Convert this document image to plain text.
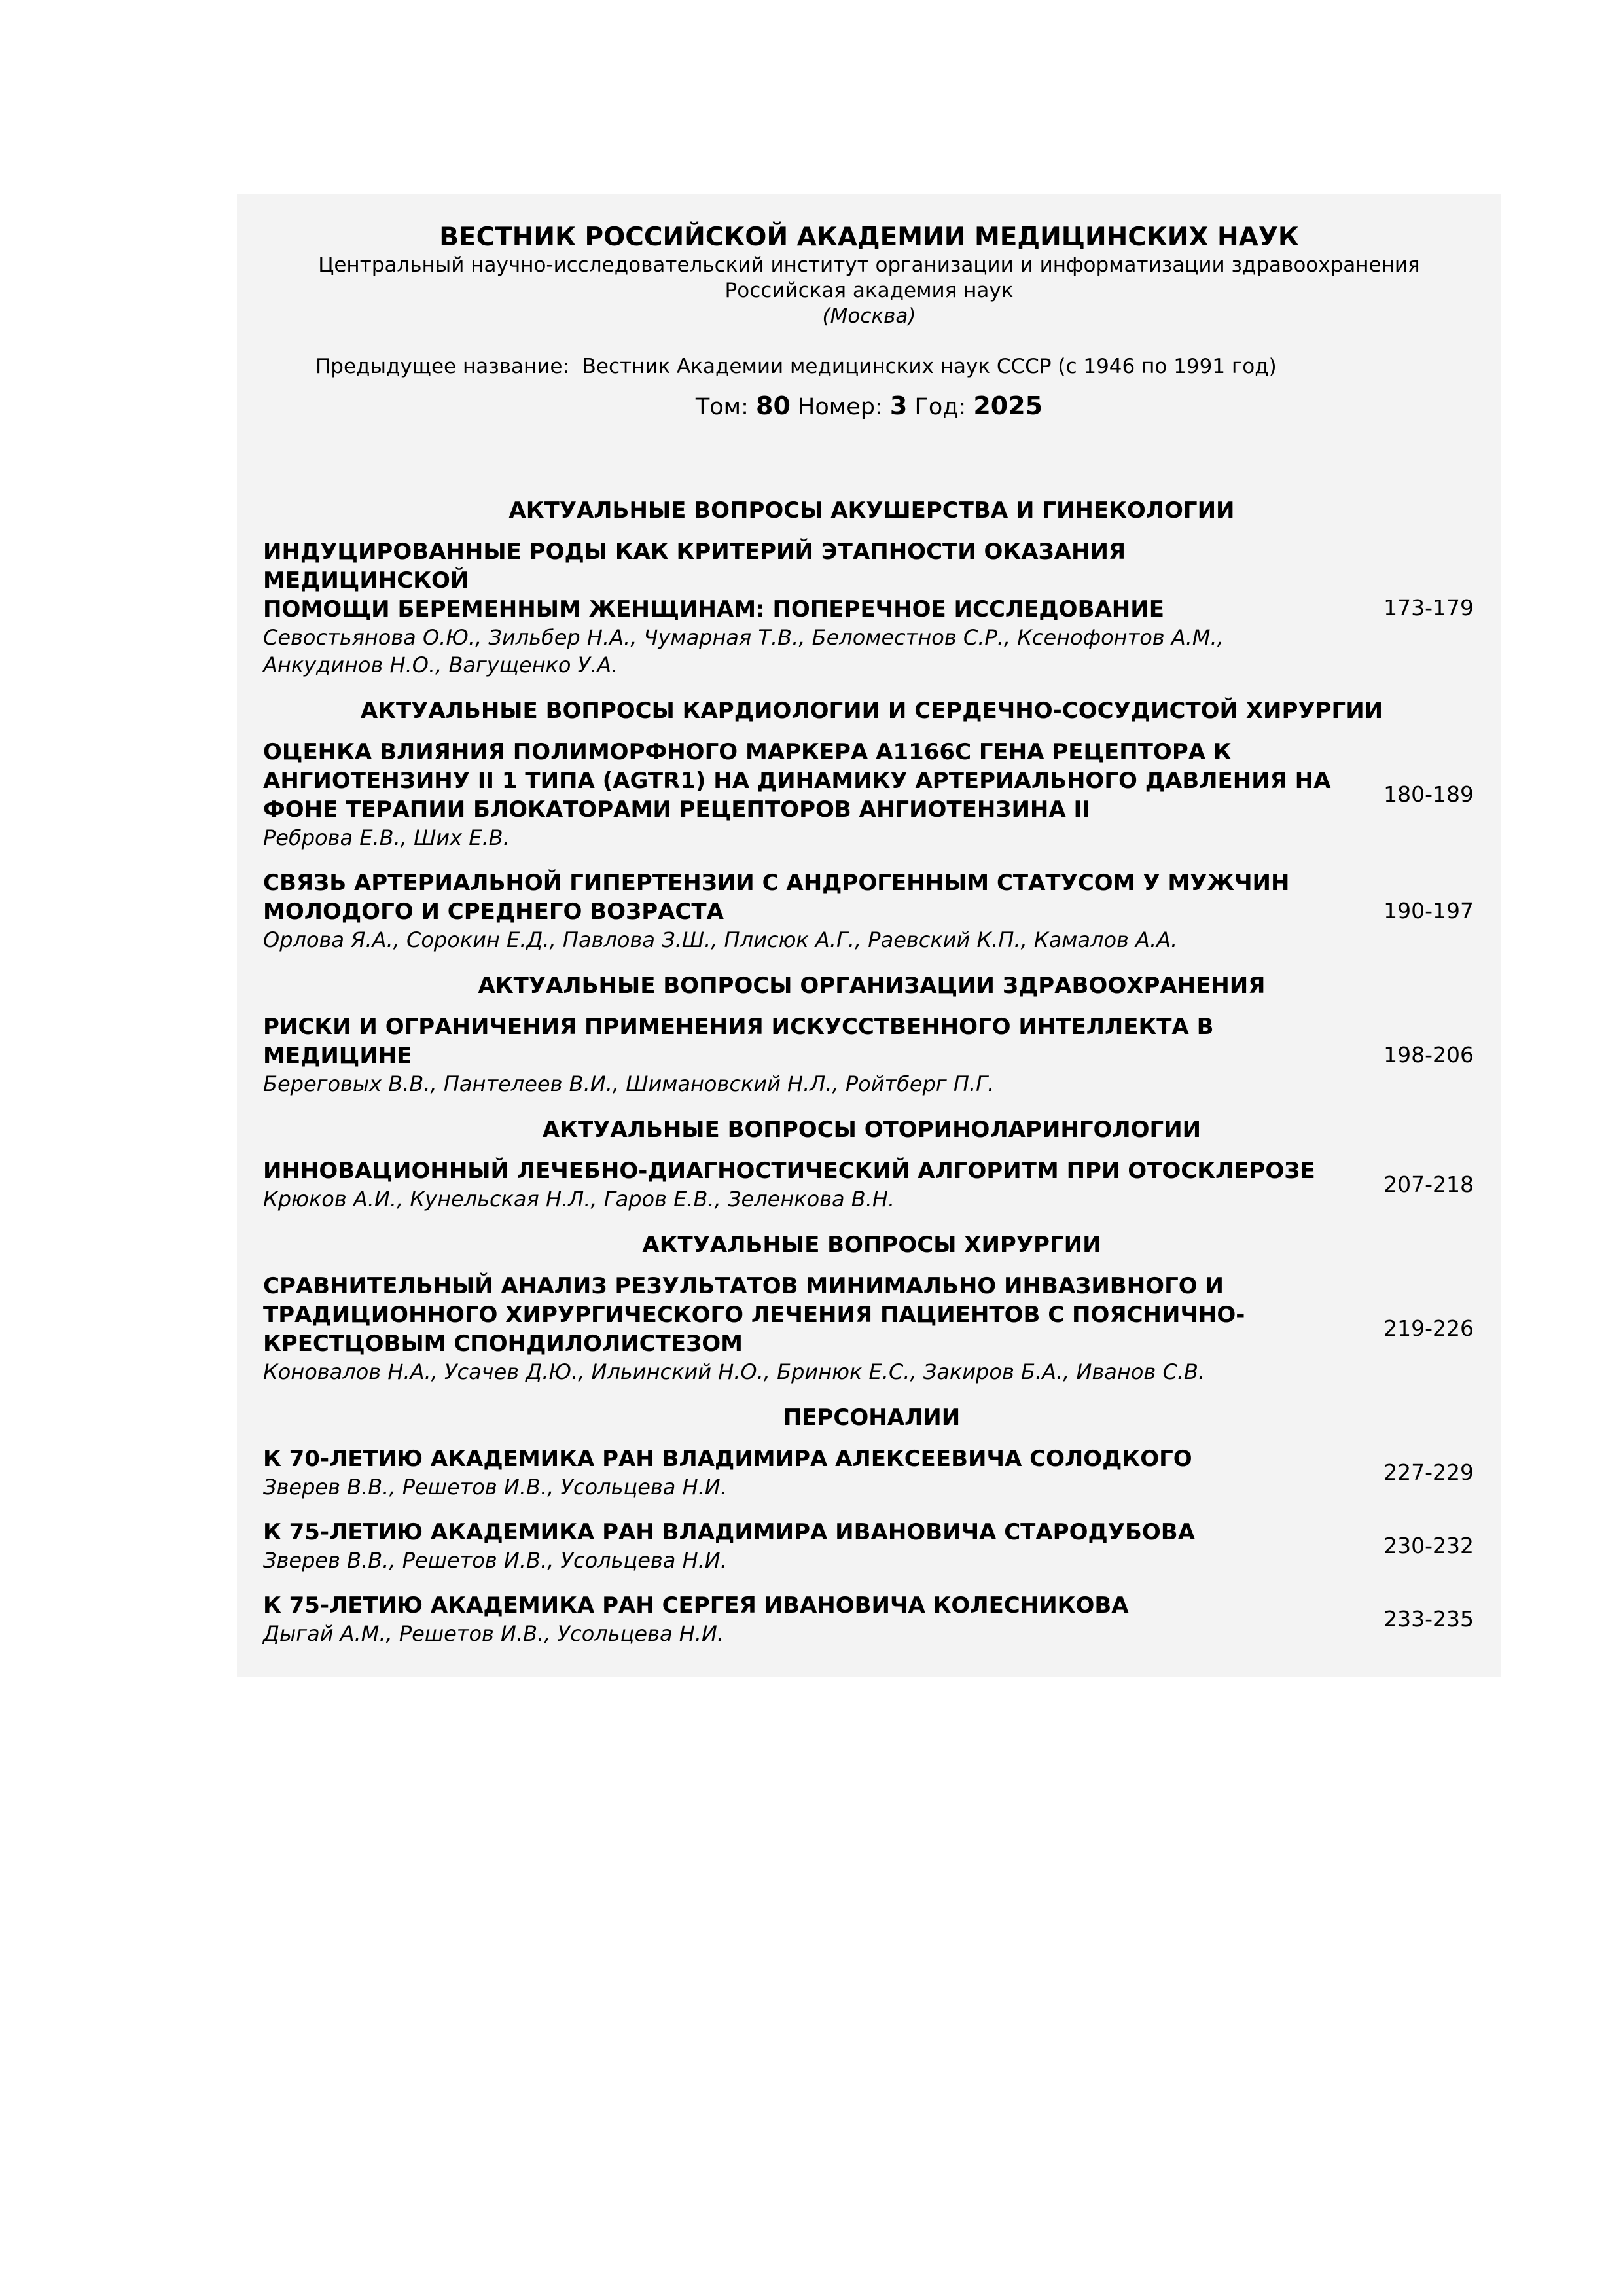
ВЕСТНИК РОССИЙСКОЙ АКАДЕМИИ МЕДИЦИНСКИХ НАУК
Центральный научно-исследовательский институт организации и информатизации здравоохранения
Российская академия наук
(Москва)
Предыдущее название: Вестник Академии медицинских наук СССР (с 1946 по 1991 год)
Том: 80 Номер: 3 Год: 2025
АКТУАЛЬНЫЕ ВОПРОСЫ АКУШЕРСТВА И ГИНЕКОЛОГИИ
ИНДУЦИРОВАННЫЕ РОДЫ КАК КРИТЕРИЙ ЭТАПНОСТИ ОКАЗАНИЯ МЕДИЦИНСКОЙ
ПОМОЩИ БЕРЕМЕННЫМ ЖЕНЩИНАМ: ПОПЕРЕЧНОЕ ИССЛЕДОВАНИЕ
Севостьянова О.Ю., Зильбер Н.А., Чумарная Т.В., Беломестнов С.Р., Ксенофонтов А.М.,
Анкудинов Н.О., Вагущенко У.А.
173-179
АКТУАЛЬНЫЕ ВОПРОСЫ КАРДИОЛОГИИ И СЕРДЕЧНО-СОСУДИСТОЙ ХИРУРГИИ
ОЦЕНКА ВЛИЯНИЯ ПОЛИМОРФНОГО МАРКЕРА A1166C ГЕНА РЕЦЕПТОРА К
АНГИОТЕНЗИНУ II 1 ТИПА (AGTR1) НА ДИНАМИКУ АРТЕРИАЛЬНОГО ДАВЛЕНИЯ НА
ФОНЕ ТЕРАПИИ БЛОКАТОРАМИ РЕЦЕПТОРОВ АНГИОТЕНЗИНА II
Реброва Е.В., Ших Е.В.
180-189
СВЯЗЬ АРТЕРИАЛЬНОЙ ГИПЕРТЕНЗИИ С АНДРОГЕННЫМ СТАТУСОМ У МУЖЧИН
МОЛОДОГО И СРЕДНЕГО ВОЗРАСТА
Орлова Я.А., Сорокин Е.Д., Павлова З.Ш., Плисюк А.Г., Раевский К.П., Камалов А.А.
190-197
АКТУАЛЬНЫЕ ВОПРОСЫ ОРГАНИЗАЦИИ ЗДРАВООХРАНЕНИЯ
РИСКИ И ОГРАНИЧЕНИЯ ПРИМЕНЕНИЯ ИСКУССТВЕННОГО ИНТЕЛЛЕКТА В
МЕДИЦИНЕ
Береговых В.В., Пантелеев В.И., Шимановский Н.Л., Ройтберг П.Г.
198-206
АКТУАЛЬНЫЕ ВОПРОСЫ ОТОРИНОЛАРИНГОЛОГИИ
ИННОВАЦИОННЫЙ ЛЕЧЕБНО-ДИАГНОСТИЧЕСКИЙ АЛГОРИТМ ПРИ ОТОСКЛЕРОЗЕ
Крюков А.И., Кунельская Н.Л., Гаров Е.В., Зеленкова В.Н.
207-218
АКТУАЛЬНЫЕ ВОПРОСЫ ХИРУРГИИ
СРАВНИТЕЛЬНЫЙ АНАЛИЗ РЕЗУЛЬТАТОВ МИНИМАЛЬНО ИНВАЗИВНОГО И
ТРАДИЦИОННОГО ХИРУРГИЧЕСКОГО ЛЕЧЕНИЯ ПАЦИЕНТОВ С ПОЯСНИЧНО-
КРЕСТЦОВЫМ СПОНДИЛОЛИСТЕЗОМ
Коновалов Н.А., Усачев Д.Ю., Ильинский Н.О., Бринюк Е.С., Закиров Б.А., Иванов С.В.
219-226
ПЕРСОНАЛИИ
К 70-ЛЕТИЮ АКАДЕМИКА РАН ВЛАДИМИРА АЛЕКСЕЕВИЧА СОЛОДКОГО
Зверев В.В., Решетов И.В., Усольцева Н.И.
227-229
К 75-ЛЕТИЮ АКАДЕМИКА РАН ВЛАДИМИРА ИВАНОВИЧА СТАРОДУБОВА
Зверев В.В., Решетов И.В., Усольцева Н.И.
230-232
К 75-ЛЕТИЮ АКАДЕМИКА РАН СЕРГЕЯ ИВАНОВИЧА КОЛЕСНИКОВА
Дыгай А.М., Решетов И.В., Усольцева Н.И.
233-235
